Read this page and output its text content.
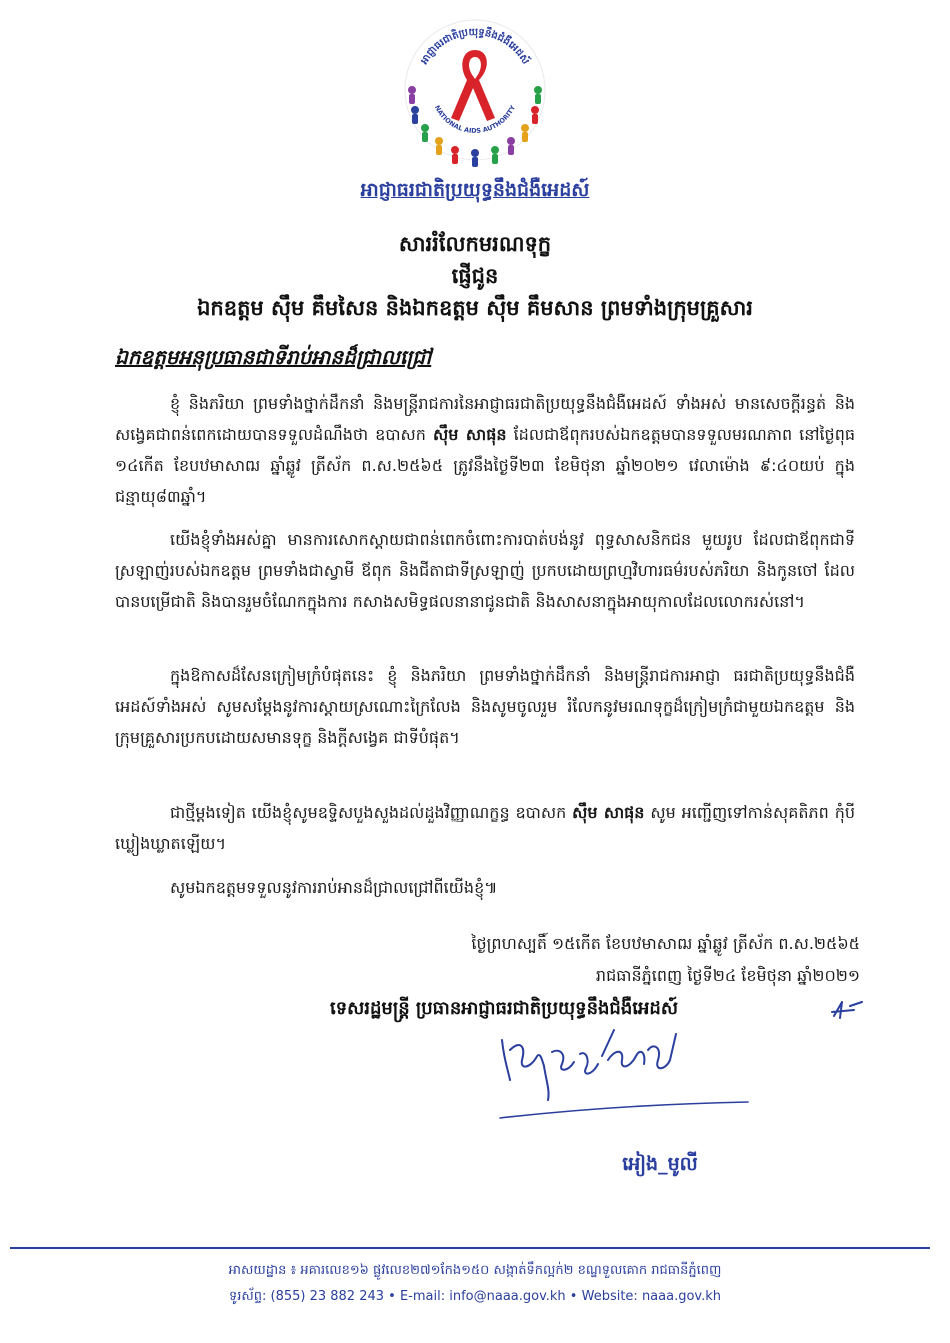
អាជ្ញាធរជាតិប្រយុទ្ធនឹងជំងឺអេដស៍
NATIONAL AIDS AUTHORITY
អាជ្ញាធរជាតិប្រយុទ្ធនឹងជំងឺអេដស៍
សាររំលែកមរណទុក្ខ
ផ្ញើជូន
ឯកឧត្តម ស៊ឹម គឹមសៃន និងឯកឧត្តម ស៊ឹម គឹមសាន ព្រមទាំងក្រុមគ្រួសារ
ឯកឧត្តមអនុប្រធានជាទីរាប់អានដ៏ជ្រាលជ្រៅ
ខ្ញុំ និងភរិយា ព្រមទាំងថ្នាក់ដឹកនាំ និងមន្ត្រីរាជការនៃអាជ្ញាធរជាតិប្រយុទ្ធនឹងជំងឺអេដស៍ ទាំងអស់ មានសេចក្តីរន្ធត់ និងសង្វេគជាពន់ពេកដោយបានទទួលដំណឹងថា ឧបាសក ស៊ឹម សាផុន ដែលជាឪពុករបស់ឯកឧត្តមបានទទួលមរណភាព នៅថ្ងៃពុធ ១៤កើត ខែបឋមាសាឍ ឆ្នាំឆ្លូវ ត្រីស័ក ព.ស.២៥៦៥ ត្រូវនឹងថ្ងៃទី២៣ ខែមិថុនា ឆ្នាំ២០២១ វេលាម៉ោង ៩:៤០យប់ ក្នុងជន្មាយុ៨៣ឆ្នាំ។
យើងខ្ញុំទាំងអស់គ្នា មានការសោកស្តាយជាពន់ពេកចំពោះការបាត់បង់នូវ ពុទ្ធសាសនិកជន មួយរូប ដែលជាឪពុកជាទីស្រឡាញ់របស់ឯកឧត្តម ព្រមទាំងជាស្វាមី ឪពុក និងជីតាជាទីស្រឡាញ់ ប្រកបដោយព្រហ្មវិហារធម៌របស់ភរិយា និងកូនចៅ ដែលបានបម្រើជាតិ និងបានរួមចំណែកក្នុងការ កសាងសមិទ្ធផលនានាជូនជាតិ និងសាសនាក្នុងអាយុកាលដែលលោករស់នៅ។
ក្នុងឱកាសដ៏សែនក្រៀមក្រំបំផុតនេះ ខ្ញុំ និងភរិយា ព្រមទាំងថ្នាក់ដឹកនាំ និងមន្ត្រីរាជការអាជ្ញា ធរជាតិប្រយុទ្ធនឹងជំងឺអេដស៍ទាំងអស់ សូមសម្តែងនូវការស្តាយស្រណោះក្រៃលែង និងសូមចូលរួម រំលែកនូវមរណទុក្ខដ៏ក្រៀមក្រំជាមួយឯកឧត្តម និងក្រុមគ្រួសារប្រកបដោយសមានទុក្ខ និងក្តីសង្វេគ ជាទីបំផុត។
ជាថ្មីម្តងទៀត យើងខ្ញុំសូមឧទ្ទិសបួងសួងដល់ដួងវិញ្ញាណក្ខន្ធ ឧបាសក ស៊ឹម សាផុន សូម អញ្ជើញទៅកាន់សុគតិភព កុំបីឃ្លៀងឃ្លាតឡើយ។
សូមឯកឧត្តមទទួលនូវការរាប់អានដ៏ជ្រាលជ្រៅពីយើងខ្ញុំ៕
ថ្ងៃព្រហស្បតិ៍ ១៥កើត ខែបឋមាសាឍ ឆ្នាំឆ្លូវ ត្រីស័ក ព.ស.២៥៦៥
រាជធានីភ្នំពេញ ថ្ងៃទី២៤ ខែមិថុនា ឆ្នាំ២០២១
ទេសរដ្ឋមន្ត្រី ប្រធានអាជ្ញាធរជាតិប្រយុទ្ធនឹងជំងឺអេដស៍
អៀង_មូលី
អាសយដ្ឋាន ៖ អគារលេខ១៦ ផ្លូវលេខ២៧១កែង១៥០ សង្កាត់ទឹកល្អក់២ ខណ្ឌទួលគោក រាជធានីភ្នំពេញ
ទូរស័ព្ទ: (855) 23 882 243 • E-mail: info@naaa.gov.kh • Website: naaa.gov.kh
